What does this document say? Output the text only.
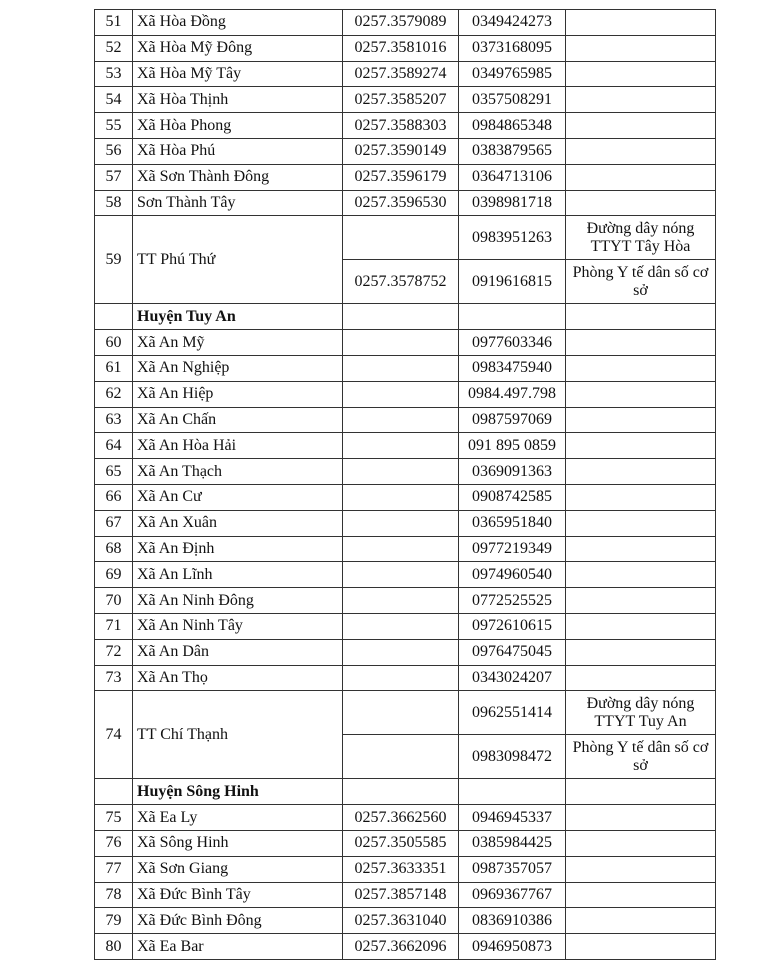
51	Xã Hòa Đồng	0257.3579089	0349424273	
52	Xã Hòa Mỹ Đông	0257.3581016	0373168095	
53	Xã Hòa Mỹ Tây	0257.3589274	0349765985	
54	Xã Hòa Thịnh	0257.3585207	0357508291	
55	Xã Hòa Phong	0257.3588303	0984865348	
56	Xã Hòa Phú	0257.3590149	0383879565	
57	Xã Sơn Thành Đông	0257.3596179	0364713106	
58	Sơn Thành Tây	0257.3596530	0398981718	
59	TT Phú Thứ		0983951263	Đường dây nóng TTYT Tây Hòa
		0257.3578752	0919616815	Phòng Y tế dân số cơ sở
	Huyện Tuy An			
60	Xã An Mỹ		0977603346	
61	Xã An Nghiệp		0983475940	
62	Xã An Hiệp		0984.497.798	
63	Xã An Chấn		0987597069	
64	Xã An Hòa Hải		091 895 0859	
65	Xã An Thạch		0369091363	
66	Xã An Cư		0908742585	
67	Xã An Xuân		0365951840	
68	Xã An Định		0977219349	
69	Xã An Lĩnh		0974960540	
70	Xã An Ninh Đông		0772525525	
71	Xã An Ninh Tây		0972610615	
72	Xã An Dân		0976475045	
73	Xã An Thọ		0343024207	
74	TT Chí Thạnh		0962551414	Đường dây nóng TTYT Tuy An
			0983098472	Phòng Y tế dân số cơ sở
	Huyện Sông Hinh			
75	Xã Ea Ly	0257.3662560	0946945337	
76	Xã Sông Hinh	0257.3505585	0385984425	
77	Xã Sơn Giang	0257.3633351	0987357057	
78	Xã Đức Bình Tây	0257.3857148	0969367767	
79	Xã Đức Bình Đông	0257.3631040	0836910386	
80	Xã Ea Bar	0257.3662096	0946950873	
